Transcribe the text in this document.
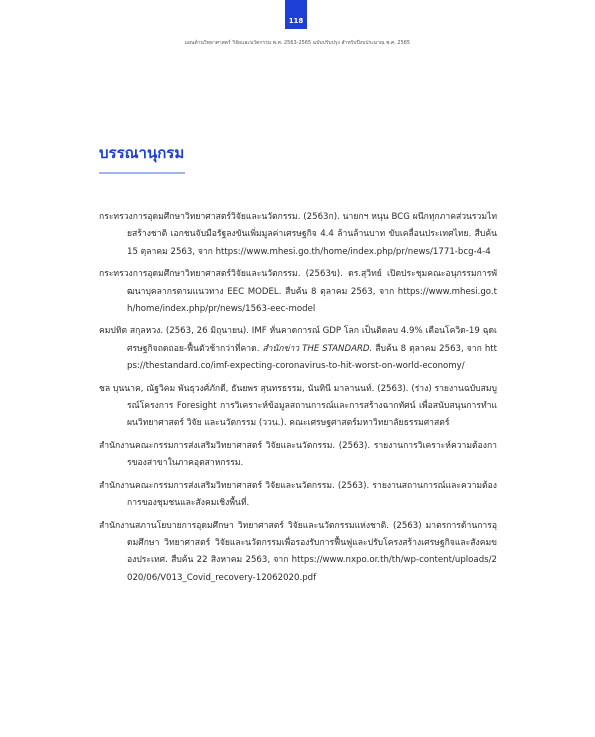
118
แผนด้านวิทยาศาสตร์ วิจัยและนวัตกรรม พ.ศ. 2563-2565 ฉบับปรับปรุง สำหรับปีงบประมาณ พ.ศ. 2565
บรรณานุกรม
กระทรวงการอุดมศึกษาวิทยาศาสตร์วิจัยและนวัตกรรม. (2563ก). นายกฯ หนุน BCG ผนึกทุกภาคส่วนรวมไทยสร้างชาติ เอกชนจับมือรัฐลงขันเพิ่มมูลค่าเศรษฐกิจ 4.4 ล้านล้านบาท ขับเคลื่อนประเทศไทย. สืบค้น 15 ตุลาคม 2563, จาก https://www.mhesi.go.th/home/index.php/pr/news/1771-bcg-4-4
กระทรวงการอุดมศึกษาวิทยาศาสตร์วิจัยและนวัตกรรม. (2563ข). ดร.สุวิทย์ เปิดประชุมคณะอนุกรรมการพัฒนาบุคลากรตามแนวทาง EEC MODEL. สืบค้น 8 ตุลาคม 2563, จาก https://www.mhesi.go.th/home/index.php/pr/news/1563-eec-model
คมปทิต สกุลหวง. (2563, 26 มิถุนายน). IMF หั่นคาดการณ์ GDP โลก เป็นติดลบ 4.9% เตือนโควิด-19 ฉุดเศรษฐกิจถดถอย-ฟื้นตัวช้ากว่าที่คาด. สำนักข่าว THE STANDARD. สืบค้น 8 ตุลาคม 2563, จาก https://thestandard.co/imf-expecting-coronavirus-to-hit-worst-on-world-economy/
ชล บุนนาค, ณัฐวิคม พันธุวงศ์ภักดี, ธันยพร สุนทรธรรม, นันทินี มาลานนท์. (2563). (ร่าง) รายงานฉบับสมบูรณ์โครงการ Foresight การวิเคราะห์ข้อมูลสถานการณ์และการสร้างฉากทัศน์ เพื่อสนับสนุนการทำแผนวิทยาศาสตร์ วิจัย และนวัตกรรม (ววน.). คณะเศรษฐศาสตร์มหาวิทยาลัยธรรมศาสตร์
สำนักงานคณะกรรมการส่งเสริมวิทยาศาสตร์ วิจัยและนวัตกรรม. (2563). รายงานการวิเคราะห์ความต้องการของสาขาในภาคอุตสาหกรรม.
สำนักงานคณะกรรมการส่งเสริมวิทยาศาสตร์ วิจัยและนวัตกรรม. (2563). รายงานสถานการณ์และความต้องการของชุมชนและสังคมเชิงพื้นที่.
สำนักงานสภานโยบายการอุดมศึกษา วิทยาศาสตร์ วิจัยและนวัตกรรมแห่งชาติ. (2563) มาตรการด้านการอุดมศึกษา วิทยาศาสตร์ วิจัยและนวัตกรรมเพื่อรองรับการฟื้นฟูและปรับโครงสร้างเศรษฐกิจและสังคมของประเทศ. สืบค้น 22 สิงหาคม 2563, จาก https://www.nxpo.or.th/th/wp-content/uploads/2020/06/V013_Covid_recovery-12062020.pdf
